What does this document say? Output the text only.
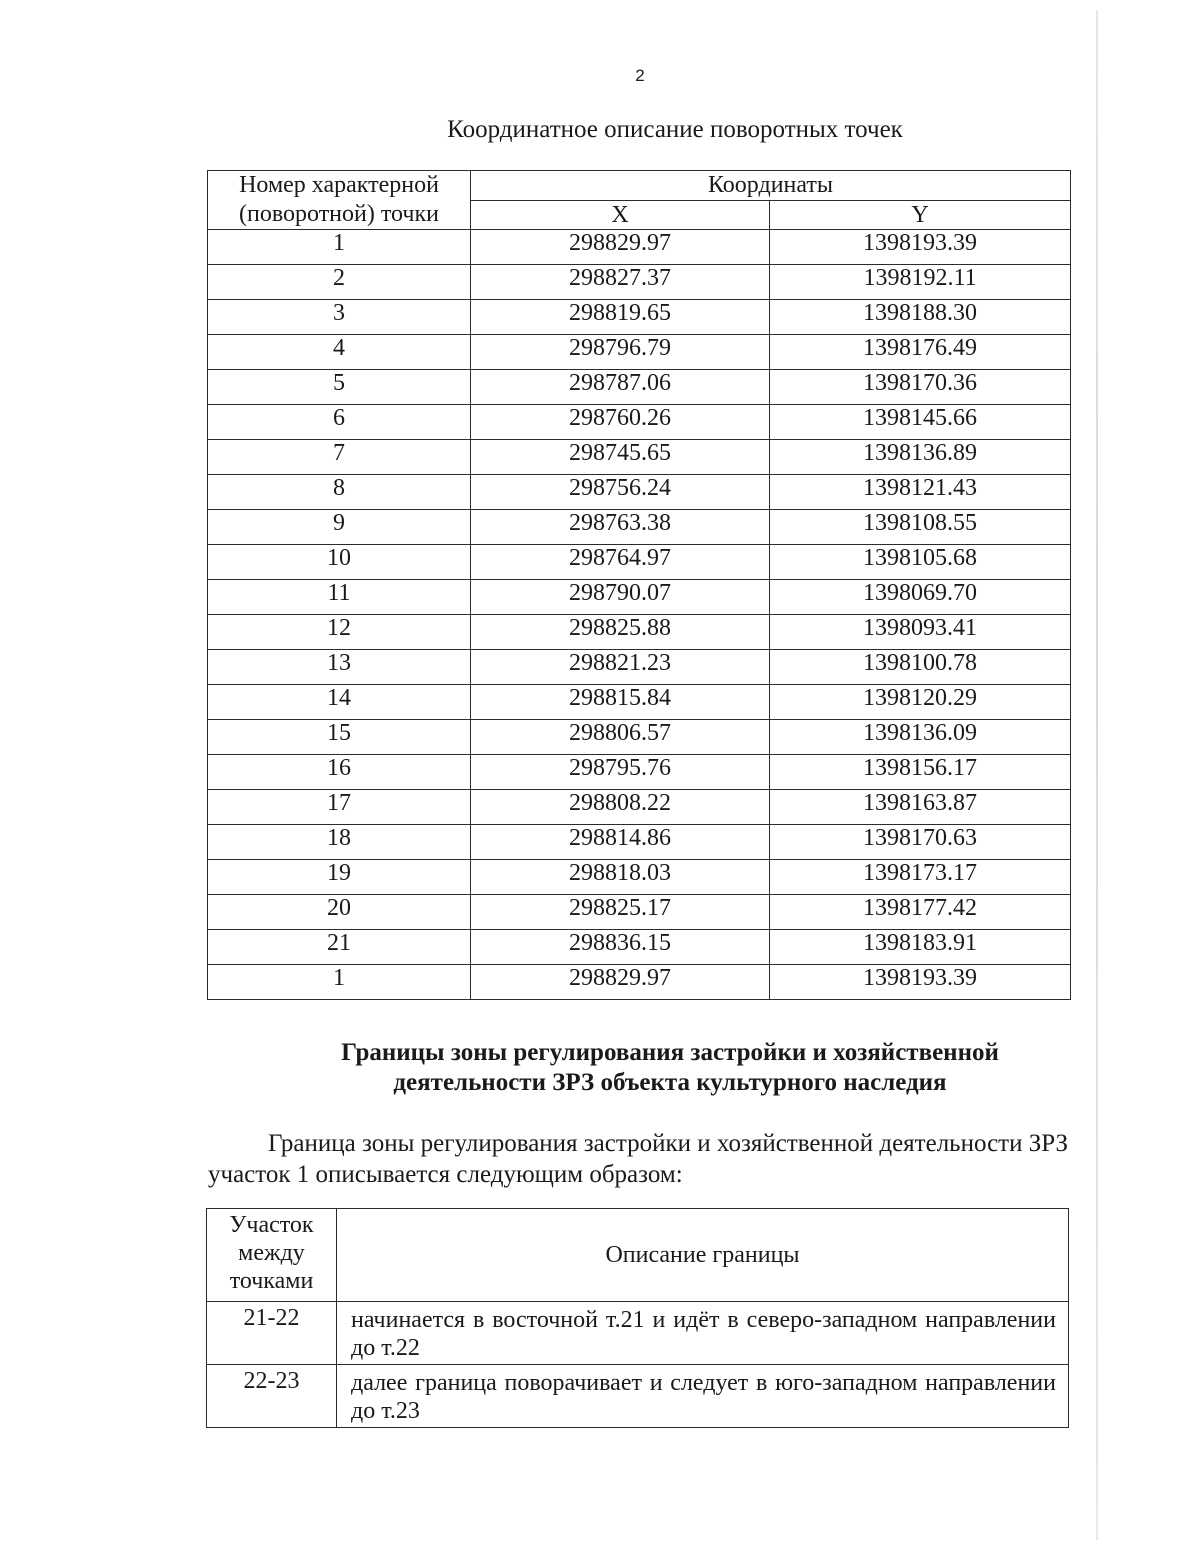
2
Координатное описание поворотных точек
Номер характерной (поворотной) точки	Координаты	
	X	Y
1	298829.97	1398193.39
2	298827.37	1398192.11
3	298819.65	1398188.30
4	298796.79	1398176.49
5	298787.06	1398170.36
6	298760.26	1398145.66
7	298745.65	1398136.89
8	298756.24	1398121.43
9	298763.38	1398108.55
10	298764.97	1398105.68
11	298790.07	1398069.70
12	298825.88	1398093.41
13	298821.23	1398100.78
14	298815.84	1398120.29
15	298806.57	1398136.09
16	298795.76	1398156.17
17	298808.22	1398163.87
18	298814.86	1398170.63
19	298818.03	1398173.17
20	298825.17	1398177.42
21	298836.15	1398183.91
1	298829.97	1398193.39
Границы зоны регулирования застройки и хозяйственной
деятельности ЗРЗ объекта культурного наследия
Граница зоны регулирования застройки и хозяйственной деятельности ЗРЗ участок 1 описывается следующим образом:
Участок между точками	Описание границы
21-22	начинается в восточной т.21 и идёт в северо-западном направлении до т.22
22-23	далее граница поворачивает и следует в юго-западном направлении до т.23
